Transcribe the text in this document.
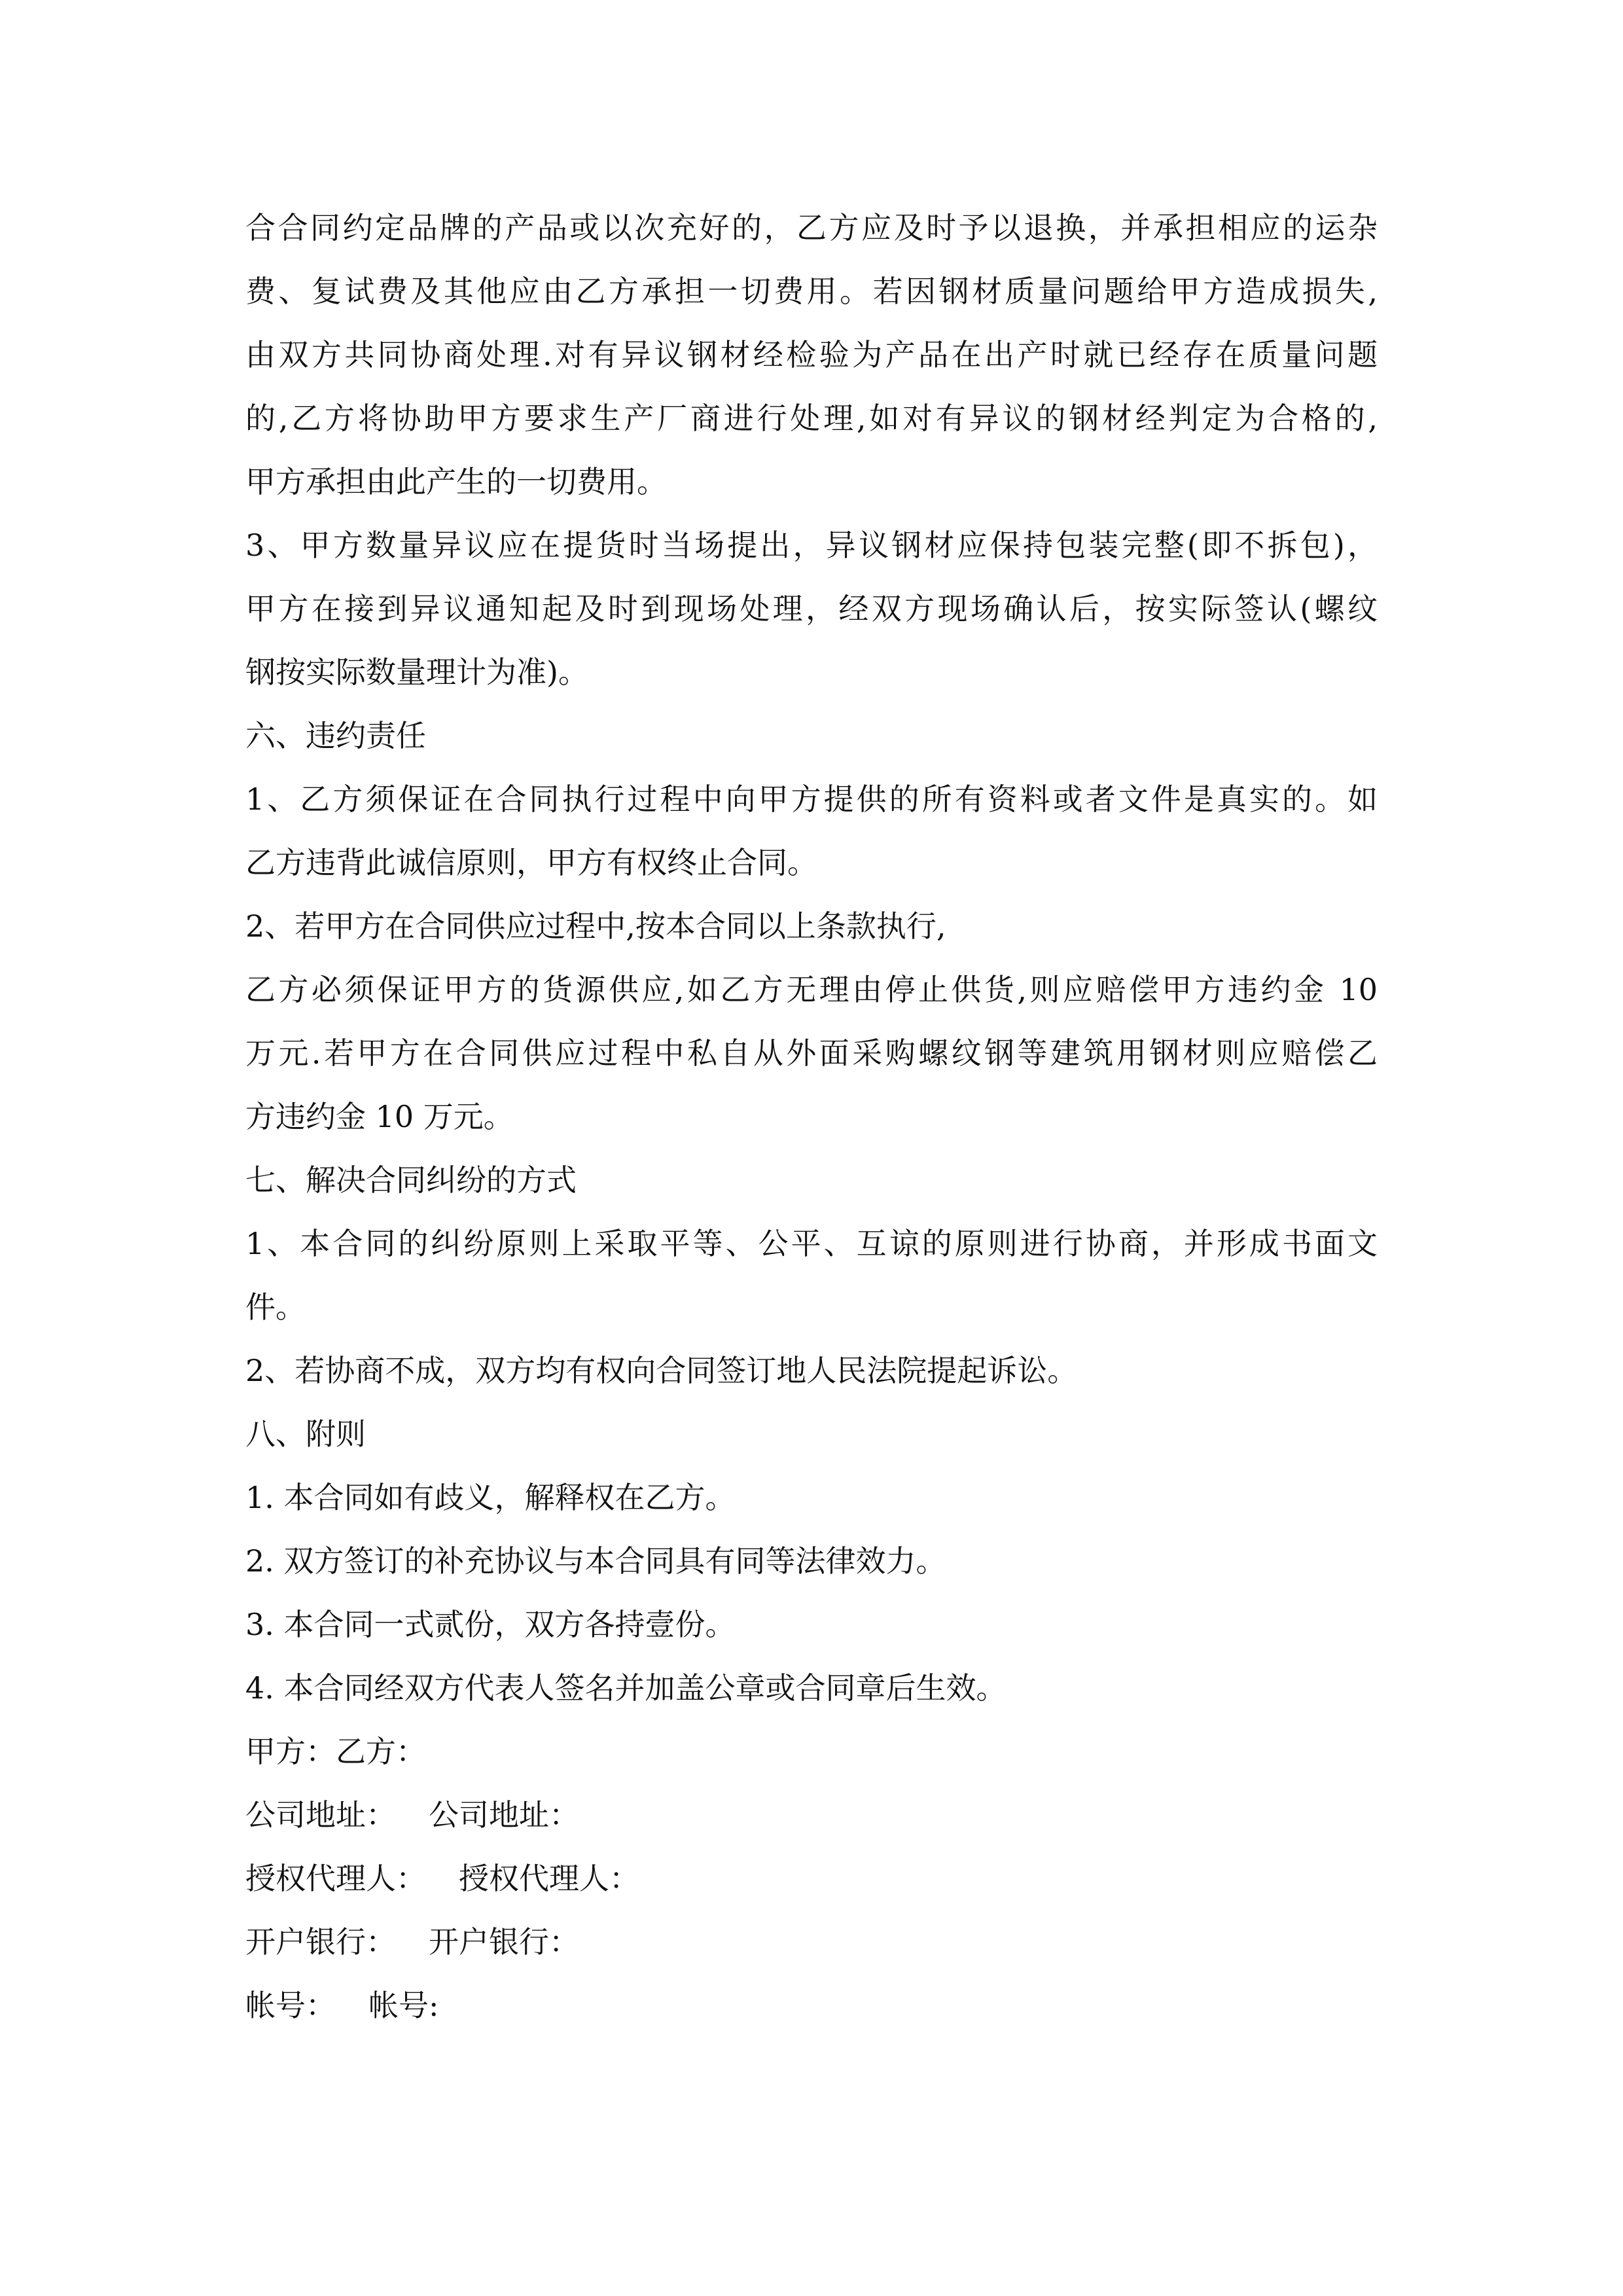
合合同约定品牌的产品或以次充好的，乙方应及时予以退换，并承担相应的运杂
费、复试费及其他应由乙方承担一切费用。若因钢材质量问题给甲方造成损失,
由双方共同协商处理.对有异议钢材经检验为产品在出产时就已经存在质量问题
的,乙方将协助甲方要求生产厂商进行处理,如对有异议的钢材经判定为合格的,
甲方承担由此产生的一切费用。
3、甲方数量异议应在提货时当场提出，异议钢材应保持包装完整(即不拆包)，
甲方在接到异议通知起及时到现场处理，经双方现场确认后，按实际签认(螺纹
钢按实际数量理计为准)。
六、违约责任
1、乙方须保证在合同执行过程中向甲方提供的所有资料或者文件是真实的。如
乙方违背此诚信原则，甲方有权终止合同。
2、若甲方在合同供应过程中,按本合同以上条款执行,
乙方必须保证甲方的货源供应,如乙方无理由停止供货,则应赔偿甲方违约金 10
万元.若甲方在合同供应过程中私自从外面采购螺纹钢等建筑用钢材则应赔偿乙
方违约金 10 万元。
七、解决合同纠纷的方式
1、本合同的纠纷原则上采取平等、公平、互谅的原则进行协商，并形成书面文
件。
2、若协商不成，双方均有权向合同签订地人民法院提起诉讼。
八、附则
1. 本合同如有歧义，解释权在乙方。
2. 双方签订的补充协议与本合同具有同等法律效力。
3. 本合同一式贰份，双方各持壹份。
4. 本合同经双方代表人签名并加盖公章或合同章后生效。
甲方：乙方：
公司地址： 公司地址：
授权代理人： 授权代理人：
开户银行： 开户银行：
帐号： 帐号:
